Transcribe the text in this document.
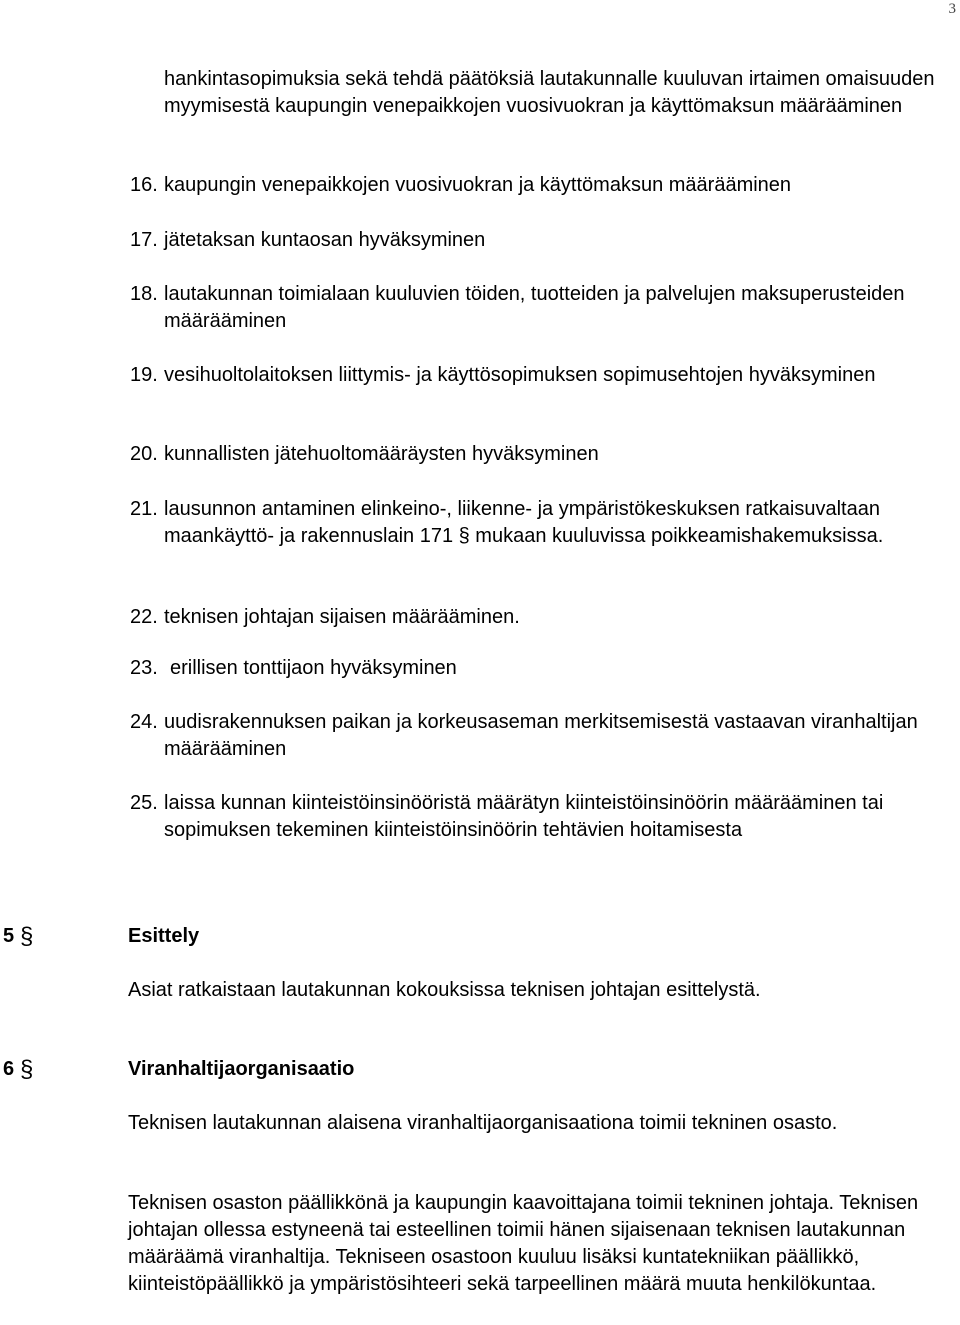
3

hankintasopimuksia sekä tehdä päätöksiä lautakunnalle kuuluvan irtaimen omaisuuden myymisestä kaupungin venepaikkojen vuosivuokran ja käyttömaksun määrääminen

16. kaupungin venepaikkojen vuosivuokran ja käyttömaksun määrääminen
17. jätetaksan kuntaosan hyväksyminen
18. lautakunnan toimialaan kuuluvien töiden, tuotteiden ja palvelujen maksuperusteiden määrääminen
19. vesihuoltolaitoksen liittymis- ja käyttösopimuksen sopimusehtojen hyväksyminen
20. kunnallisten jätehuoltomääräysten hyväksyminen
21. lausunnon antaminen elinkeino-, liikenne- ja ympäristökeskuksen ratkaisuvaltaan maankäyttö- ja rakennuslain 171 § mukaan kuuluvissa poikkeamishakemuksissa.
22. teknisen johtajan sijaisen määrääminen.
23. erillisen tonttijaon hyväksyminen
24. uudisrakennuksen paikan ja korkeusaseman merkitsemisestä vastaavan viranhaltijan määrääminen
25. laissa kunnan kiinteistöinsinööristä määrätyn kiinteistöinsinöörin määrääminen tai sopimuksen tekeminen kiinteistöinsinöörin tehtävien hoitamisesta
5 §	Esittely

Asiat ratkaistaan lautakunnan kokouksissa teknisen johtajan esittelystä.

6 §	Viranhaltijaorganisaatio

Teknisen lautakunnan alaisena viranhaltijaorganisaationa toimii tekninen osasto.

Teknisen osaston päällikkönä ja kaupungin kaavoittajana toimii tekninen johtaja. Teknisen johtajan ollessa estyneenä tai esteellinen toimii hänen sijaisenaan teknisen lautakunnan määräämä viranhaltija. Tekniseen osastoon kuuluu lisäksi kuntatekniikan päällikkö, kiinteistöpäällikkö ja ympäristösihteeri sekä tarpeellinen määrä muuta henkilökuntaa.
